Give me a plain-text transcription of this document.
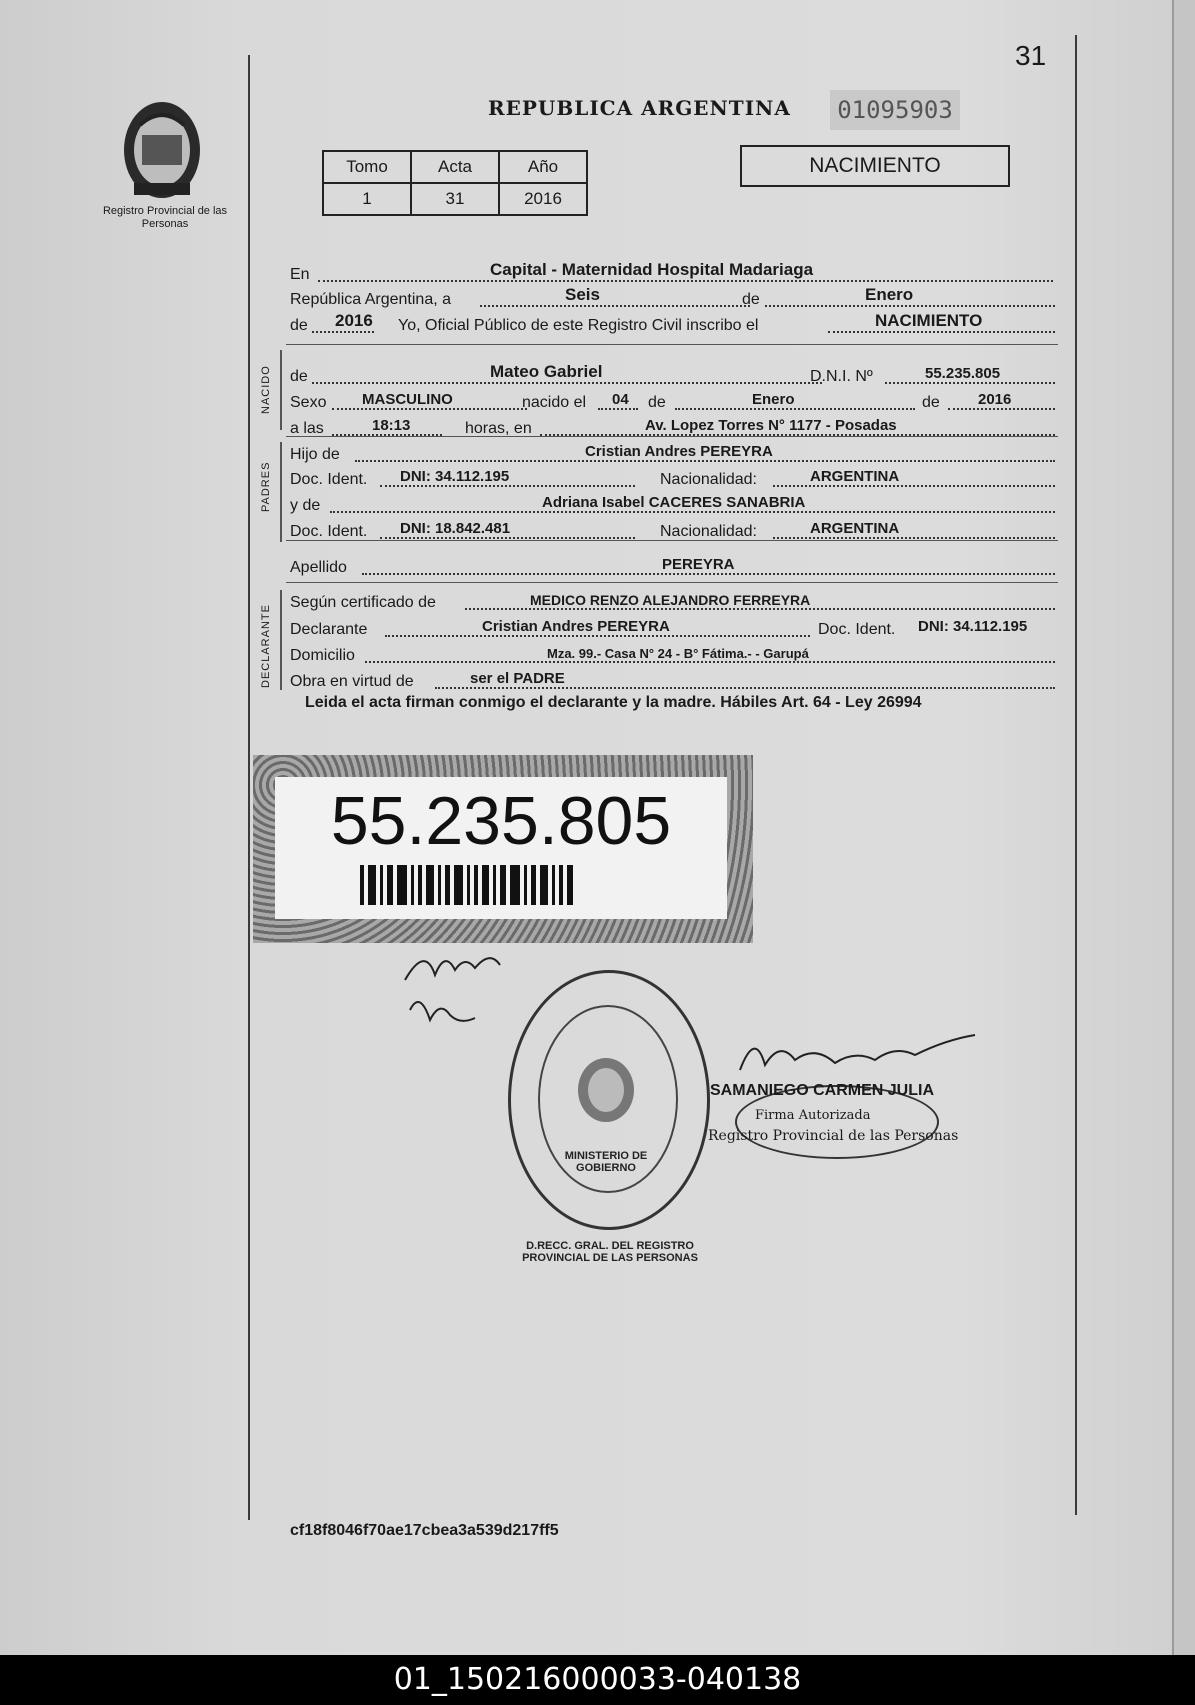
31
Registro Provincial de las Personas
REPUBLICA ARGENTINA	01095903
Tomo	Acta	Año
1	31	2016
NACIMIENTO
En	Capital - Maternidad Hospital Madariaga
República Argentina, a	Seis	de	Enero
de 2016 Yo, Oficial Público de este Registro Civil inscribo el	NACIMIENTO
NACIDO de	Mateo Gabriel	D.N.I. Nº	55.235.805
Sexo MASCULINO	nacido el 04 de	Enero	de	2016
a las	18:13	horas, en	Av. Lopez Torres N° 1177 - Posadas
PADRES
Hijo de	Cristian Andres PEREYRA
Doc. Ident. DNI: 34.112.195	Nacionalidad:	ARGENTINA
y de	Adriana Isabel CACERES SANABRIA
Doc. Ident. DNI: 18.842.481	Nacionalidad:	ARGENTINA
Apellido	PEREYRA
DECLARANTE
Según certificado de	MEDICO RENZO ALEJANDRO FERREYRA
Declarante	Cristian Andres PEREYRA	Doc. Ident. DNI: 34.112.195
Domicilio	Mza. 99.- Casa N° 24 - B° Fátima.- - Garupá
Obra en virtud de	ser el PADRE
Leida el acta firman conmigo el declarante y la madre. Hábiles Art. 64 - Ley 26994
55.235.805
D.RECC. GRAL. DEL REGISTRO PROVINCIAL DE LAS PERSONAS
MINISTERIO DE GOBIERNO
SAMANIEGO CARMEN JULIA
Firma Autorizada
Registro Provincial de las Personas
cf18f8046f70ae17cbea3a539d217ff5
01_150216000033-040138
